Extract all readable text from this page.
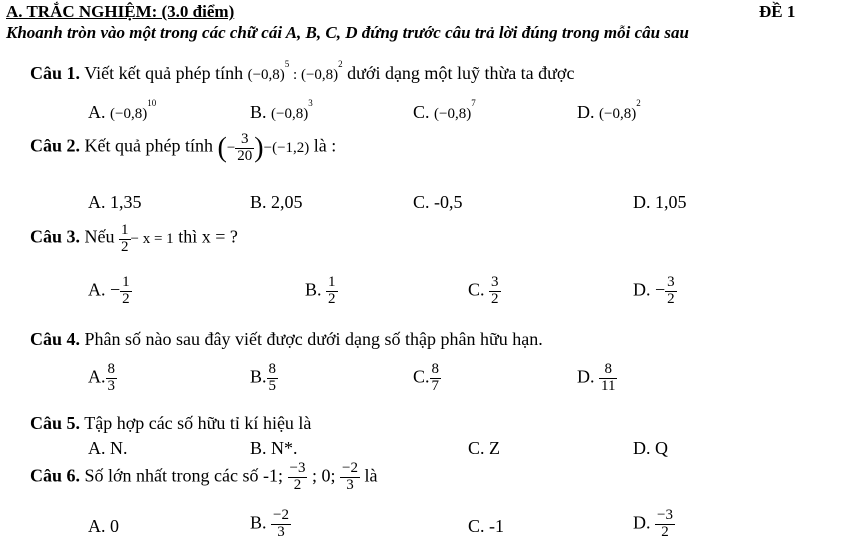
A. TRẮC NGHIỆM: (3.0 điểm)	ĐỀ 1
Khoanh tròn vào một trong các chữ cái A, B, C, D đứng trước câu trả lời đúng trong mỗi câu sau
Câu 1. Viết kết quả phép tính $(-0,8)^5$ : $(-0,8)^2$ dưới dạng một luỹ thừa ta được
A. $(-0,8)^{10}$	B. $(-0,8)^3$	C. $(-0,8)^7$	D. $(-0,8)^2$
Câu 2. Kết quả phép tính (− $\frac{3}{20} )-(-1,2)$ là :
A. 1,35	B. 2,05	C. -0,5	D. 1,05
Câu 3. Nếu $\frac{1}{2} - x = 1$ thì x = ?
A. − $\frac{1}{2}$	B. $\frac{1}{2}$	C. $\frac{3}{2}$	D. − $\frac{3}{2}$
Câu 4. Phân số nào sau đây viết được dưới dạng số thập phân hữu hạn.
A. $\frac{8}{3}$	B. $\frac{8}{5}$	C. $\frac{8}{7}$	D. $\frac{8}{11}$
Câu 5. Tập hợp các số hữu tỉ kí hiệu là
A. N.	B. N*.	C. Z	D. Q
Câu 6. Số lớn nhất trong các số -1; $\frac{-3}{2}$ ; 0; $\frac{-2}{3}$ là
A. 0	B. $\frac{-2}{3}$	C. -1	D. $\frac{-3}{2}$
